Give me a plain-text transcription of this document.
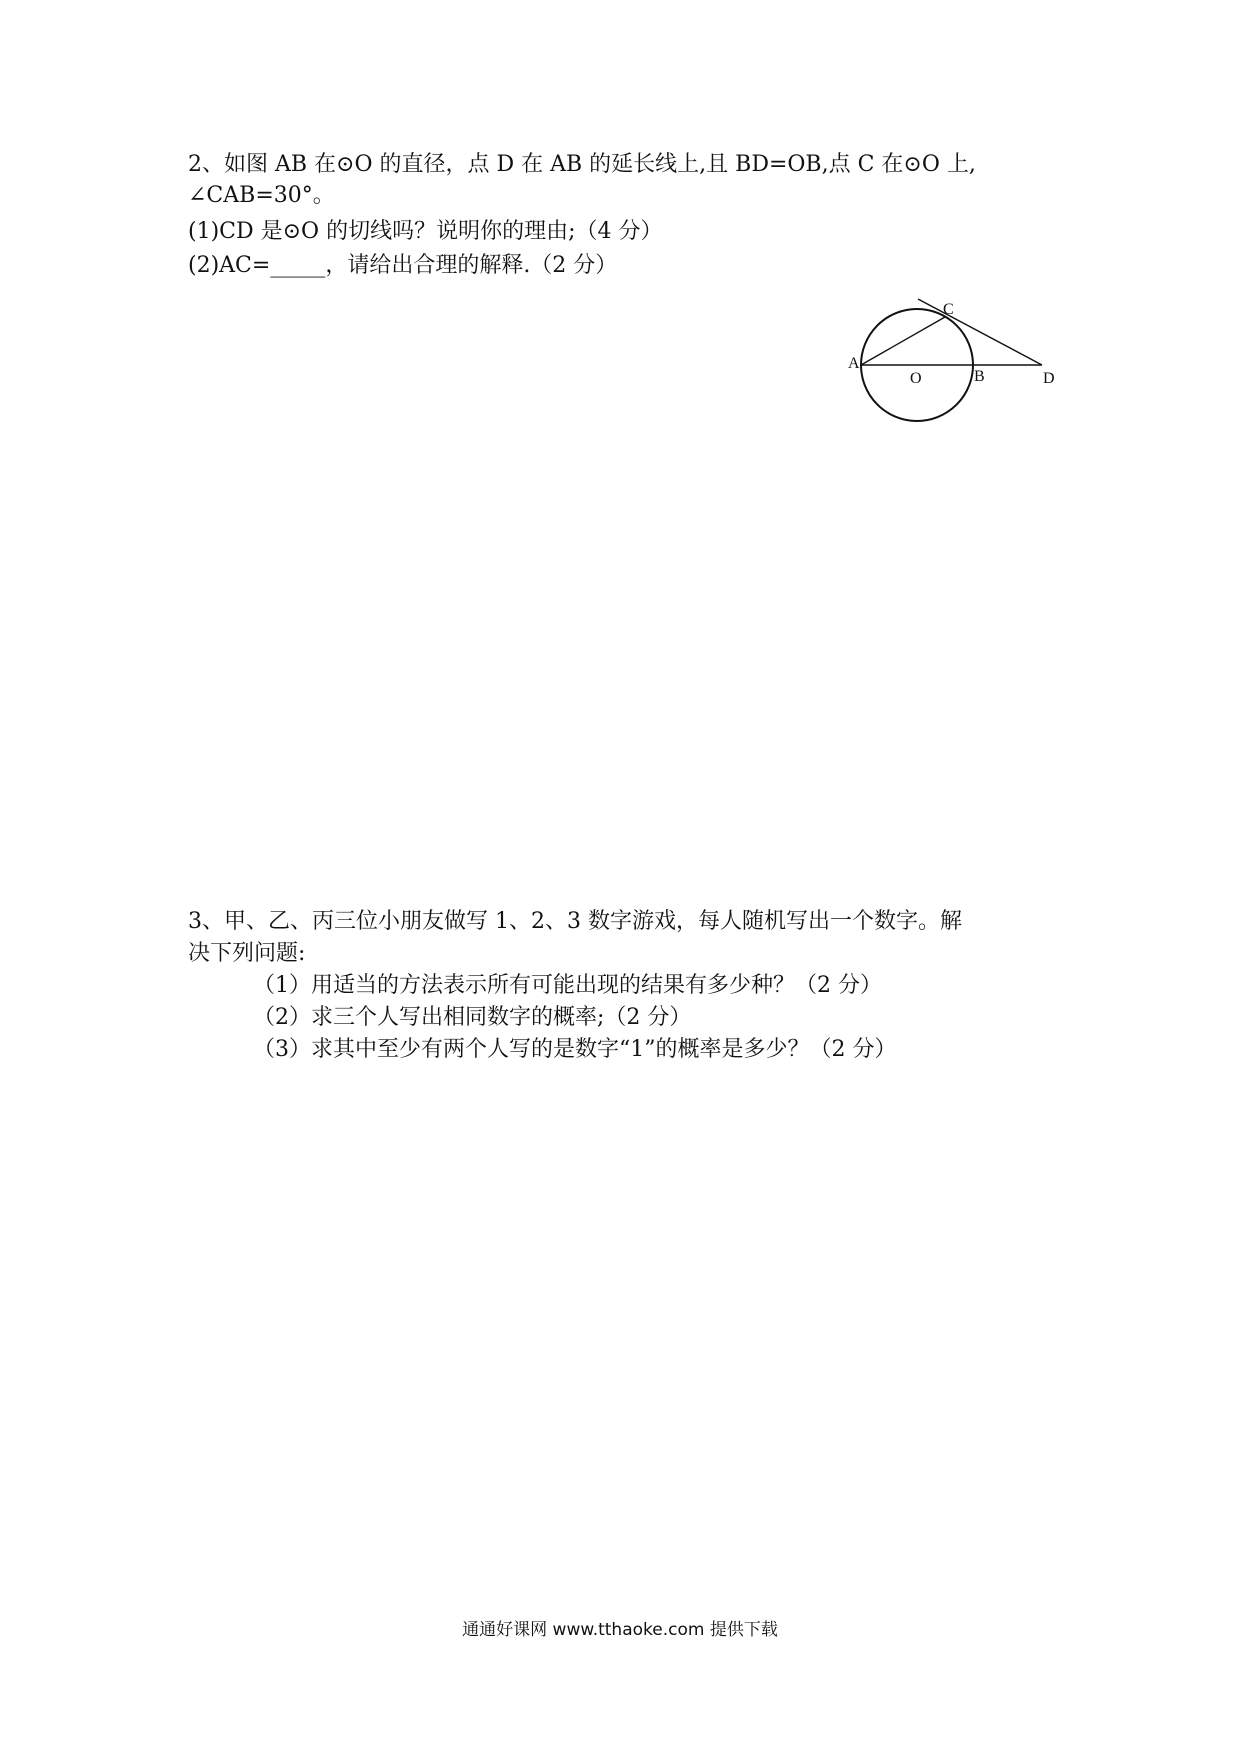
2、如图 AB 在⊙O 的直径，点 D 在 AB 的延长线上,且 BD=OB,点 C 在⊙O 上,
∠CAB=30°。
(1)CD 是⊙O 的切线吗？说明你的理由;（4 分）
(2)AC=_____，请给出合理的解释.（2 分）
A
O	B
C
D
3、甲、乙、丙三位小朋友做写 1、2、3 数字游戏，每人随机写出一个数字。解
决下列问题:
（1）用适当的方法表示所有可能出现的结果有多少种？（2 分）
（2）求三个人写出相同数字的概率;（2 分）
（3）求其中至少有两个人写的是数字“1”的概率是多少？（2 分）
通通好课网 www.tthaoke.com 提供下载
